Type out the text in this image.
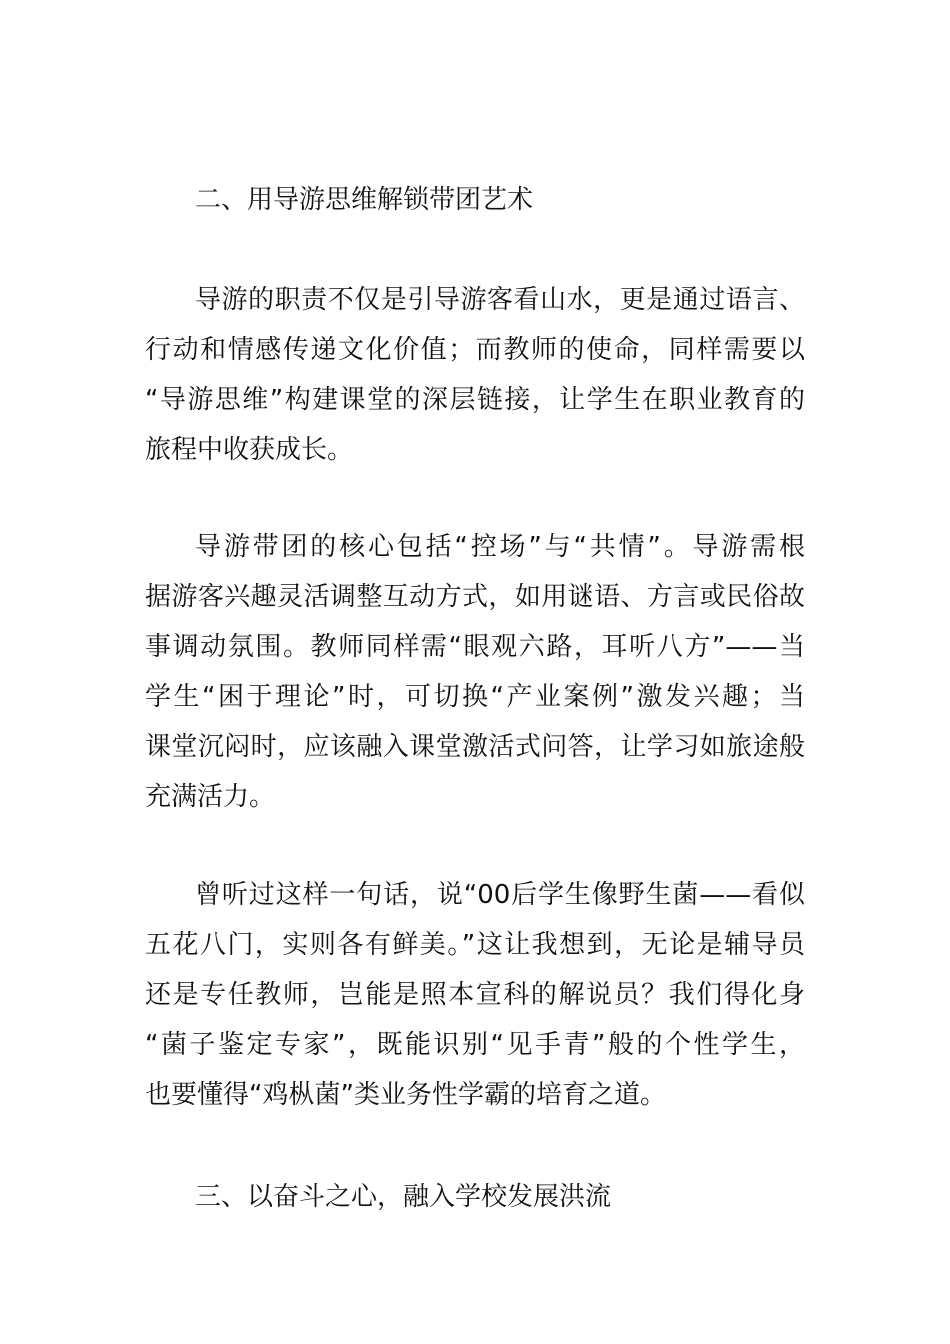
二、用导游思维解锁带团艺术
导游的职责不仅是引导游客看山水，更是通过语言、
行动和情感传递文化价值；而教师的使命，同样需要以
“导游思维”构建课堂的深层链接，让学生在职业教育的
旅程中收获成长。
导游带团的核心包括“控场”与“共情”。导游需根
据游客兴趣灵活调整互动方式，如用谜语、方言或民俗故
事调动氛围。教师同样需“眼观六路，耳听八方”——当
学生“困于理论”时，可切换“产业案例”激发兴趣；当
课堂沉闷时，应该融入课堂激活式问答，让学习如旅途般
充满活力。
曾听过这样一句话，说“00后学生像野生菌——看似
五花八门，实则各有鲜美。”这让我想到，无论是辅导员
还是专任教师，岂能是照本宣科的解说员？我们得化身
“菌子鉴定专家”，既能识别“见手青”般的个性学生，
也要懂得“鸡枞菌”类业务性学霸的培育之道。
三、以奋斗之心，融入学校发展洪流
